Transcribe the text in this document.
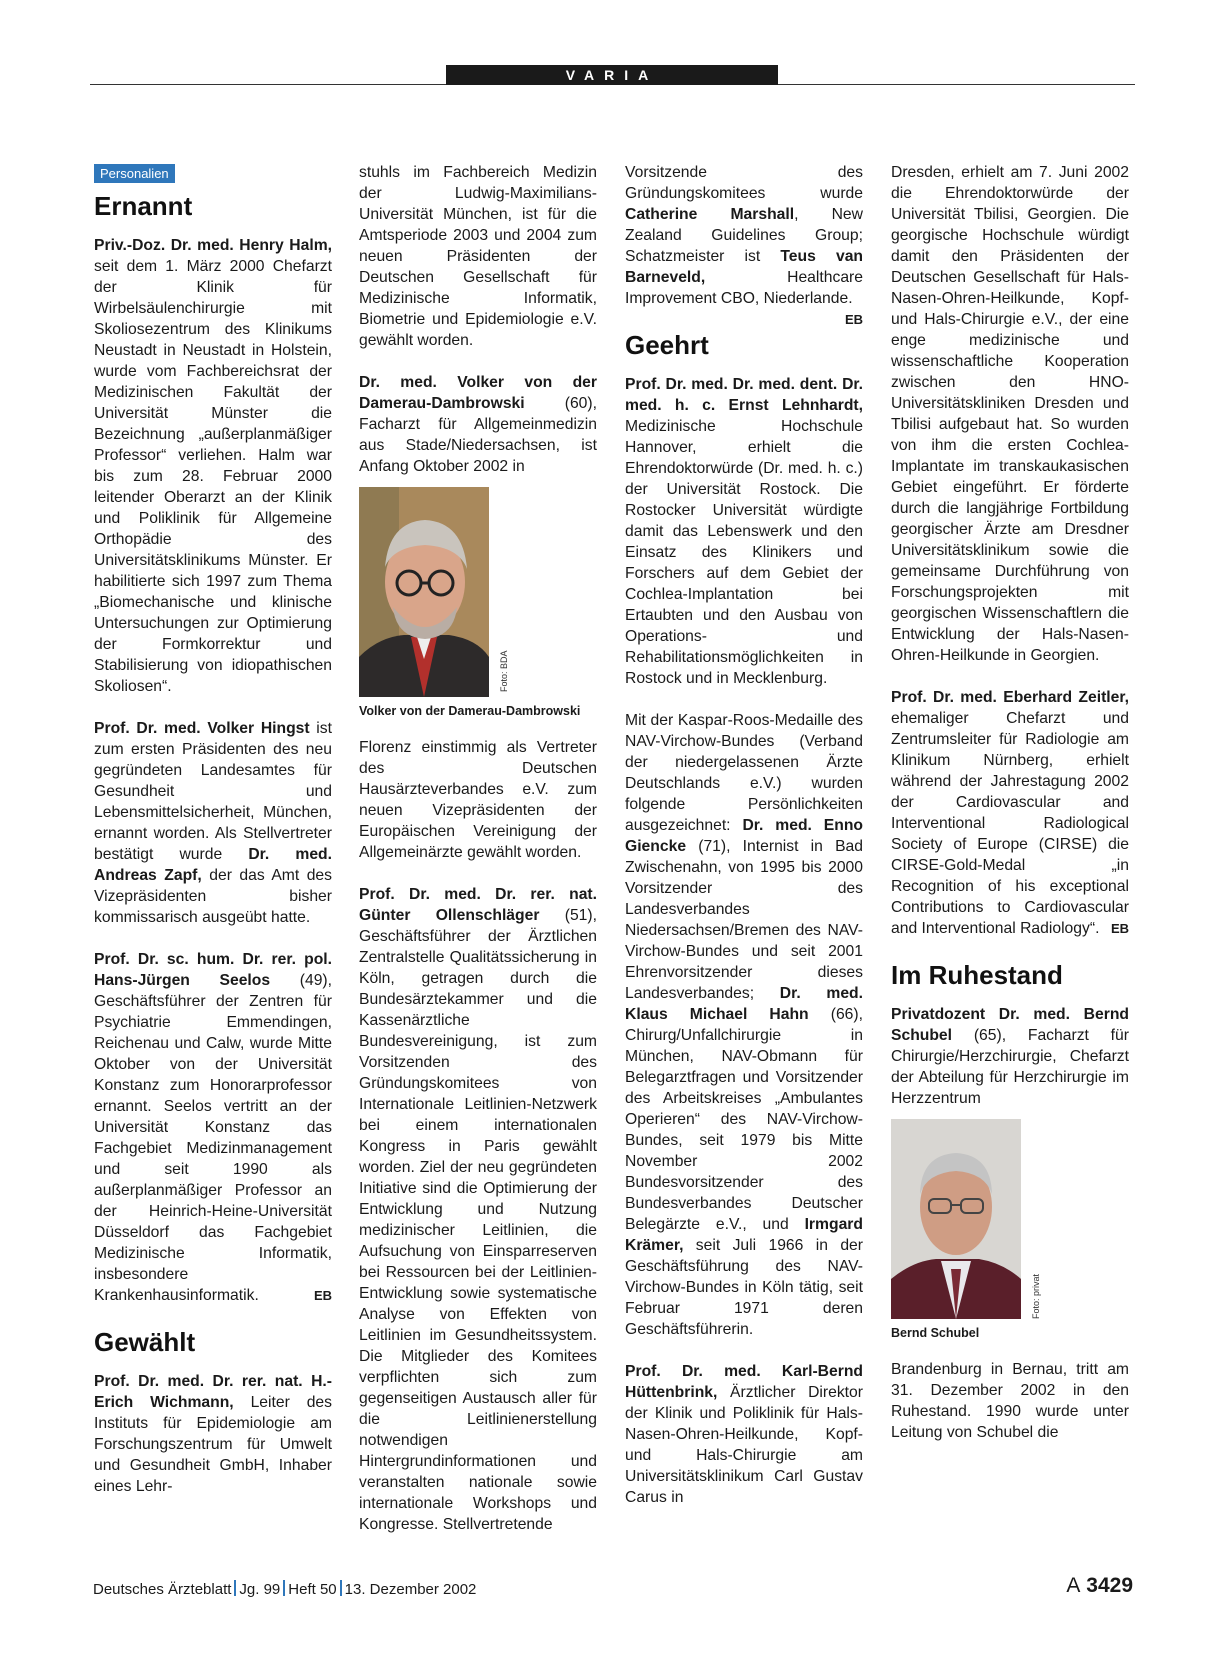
VARIA
Personalien
Ernannt

Priv.-Doz. Dr. med. Henry Halm, seit dem 1. März 2000 Chefarzt der Klinik für Wirbelsäulenchirurgie mit Skoliosezentrum des Klinikums Neustadt in Neustadt in Holstein, wurde vom Fachbereichsrat der Medizinischen Fakultät der Universität Münster die Bezeichnung „außerplanmäßiger Professor“ verliehen. Halm war bis zum 28. Februar 2000 leitender Oberarzt an der Klinik und Poliklinik für Allgemeine Orthopädie des Universitätsklinikums Münster. Er habilitierte sich 1997 zum Thema „Biomechanische und klinische Untersuchungen zur Optimierung der Formkorrektur und Stabilisierung von idiopathischen Skoliosen“.

Prof. Dr. med. Volker Hingst ist zum ersten Präsidenten des neu gegründeten Landesamtes für Gesundheit und Lebensmittelsicherheit, München, ernannt worden. Als Stellvertreter bestätigt wurde Dr. med. Andreas Zapf, der das Amt des Vizepräsidenten bisher kommissarisch ausgeübt hatte.

Prof. Dr. sc. hum. Dr. rer. pol. Hans-Jürgen Seelos (49), Geschäftsführer der Zentren für Psychiatrie Emmendingen, Reichenau und Calw, wurde Mitte Oktober von der Universität Konstanz zum Honorarprofessor ernannt. Seelos vertritt an der Universität Konstanz das Fachgebiet Medizinmanagement und seit 1990 als außerplanmäßiger Professor an der Heinrich-Heine-Universität Düsseldorf das Fachgebiet Medizinische Informatik, insbesondere Krankenhausinformatik.	EB

Gewählt

Prof. Dr. med. Dr. rer. nat. H.-Erich Wichmann, Leiter des Instituts für Epidemiologie am Forschungszentrum für Umwelt und Gesundheit GmbH, Inhaber eines Lehr-

stuhls im Fachbereich Medizin der Ludwig-Maximilians-Universität München, ist für die Amtsperiode 2003 und 2004 zum neuen Präsidenten der Deutschen Gesellschaft für Medizinische Informatik, Biometrie und Epidemiologie e.V. gewählt worden.

Dr. med. Volker von der Damerau-Dambrowski (60), Facharzt für Allgemeinmedizin aus Stade/Niedersachsen, ist Anfang Oktober 2002 in

Foto: BDA
Volker von der Damerau-Dambrowski

Florenz einstimmig als Vertreter des Deutschen Hausärzteverbandes e.V. zum neuen Vizepräsidenten der Europäischen Vereinigung der Allgemeinärzte gewählt worden.

Prof. Dr. med. Dr. rer. nat. Günter Ollenschläger (51), Geschäftsführer der Ärztlichen Zentralstelle Qualitätssicherung in Köln, getragen durch die Bundesärztekammer und die Kassenärztliche Bundesvereinigung, ist zum Vorsitzenden des Gründungskomitees von Internationale Leitlinien-Netzwerk bei einem internationalen Kongress in Paris gewählt worden. Ziel der neu gegründeten Initiative sind die Optimierung der Entwicklung und Nutzung medizinischer Leitlinien, die Aufsuchung von Einsparreserven bei Ressourcen bei der Leitlinien-Entwicklung sowie systematische Analyse von Effekten von Leitlinien im Gesundheitssystem. Die Mitglieder des Komitees verpflichten sich zum gegenseitigen Austausch aller für die Leitlinienerstellung notwendigen Hintergrundinformationen und veranstalten nationale sowie internationale Workshops und Kongresse. Stellvertretende

Vorsitzende des Gründungskomitees wurde Catherine Marshall, New Zealand Guidelines Group; Schatzmeister ist Teus van Barneveld, Healthcare Improvement CBO, Niederlande.
EB

Geehrt

Prof. Dr. med. Dr. med. dent. Dr. med. h. c. Ernst Lehnhardt, Medizinische Hochschule Hannover, erhielt die Ehrendoktorwürde (Dr. med. h. c.) der Universität Rostock. Die Rostocker Universität würdigte damit das Lebenswerk und den Einsatz des Klinikers und Forschers auf dem Gebiet der Cochlea-Implantation bei Ertaubten und den Ausbau von Operations- und Rehabilitationsmöglichkeiten in Rostock und in Mecklenburg.

Mit der Kaspar-Roos-Medaille des NAV-Virchow-Bundes (Verband der niedergelassenen Ärzte Deutschlands e.V.) wurden folgende Persönlichkeiten ausgezeichnet: Dr. med. Enno Giencke (71), Internist in Bad Zwischenahn, von 1995 bis 2000 Vorsitzender des Landesverbandes Niedersachsen/Bremen des NAV-Virchow-Bundes und seit 2001 Ehrenvorsitzender dieses Landesverbandes; Dr. med. Klaus Michael Hahn (66), Chirurg/Unfallchirurgie in München, NAV-Obmann für Belegarztfragen und Vorsitzender des Arbeitskreises „Ambulantes Operieren“ des NAV-Virchow-Bundes, seit 1979 bis Mitte November 2002 Bundesvorsitzender des Bundesverbandes Deutscher Belegärzte e.V., und Irmgard Krämer, seit Juli 1966 in der Geschäftsführung des NAV-Virchow-Bundes in Köln tätig, seit Februar 1971 deren Geschäftsführerin.

Prof. Dr. med. Karl-Bernd Hüttenbrink, Ärztlicher Direktor der Klinik und Poliklinik für Hals-Nasen-Ohren-Heilkunde, Kopf- und Hals-Chirurgie am Universitätsklinikum Carl Gustav Carus in

Dresden, erhielt am 7. Juni 2002 die Ehrendoktorwürde der Universität Tbilisi, Georgien. Die georgische Hochschule würdigt damit den Präsidenten der Deutschen Gesellschaft für Hals-Nasen-Ohren-Heilkunde, Kopf- und Hals-Chirurgie e.V., der eine enge medizinische und wissenschaftliche Kooperation zwischen den HNO-Universitätskliniken Dresden und Tbilisi aufgebaut hat. So wurden von ihm die ersten Cochlea-Implantate im transkaukasischen Gebiet eingeführt. Er förderte durch die langjährige Fortbildung georgischer Ärzte am Dresdner Universitätsklinikum sowie die gemeinsame Durchführung von Forschungsprojekten mit georgischen Wissenschaftlern die Entwicklung der Hals-Nasen-Ohren-Heilkunde in Georgien.

Prof. Dr. med. Eberhard Zeitler, ehemaliger Chefarzt und Zentrumsleiter für Radiologie am Klinikum Nürnberg, erhielt während der Jahrestagung 2002 der Cardiovascular and Interventional Radiological Society of Europe (CIRSE) die CIRSE-Gold-Medal „in Recognition of his exceptional Contributions to Cardiovascular and Interventional Radiology“. EB

Im Ruhestand

Privatdozent Dr. med. Bernd Schubel (65), Facharzt für Chirurgie/Herzchirurgie, Chefarzt der Abteilung für Herzchirurgie im Herzzentrum

Foto: privat
Bernd Schubel

Brandenburg in Bernau, tritt am 31. Dezember 2002 in den Ruhestand. 1990 wurde unter Leitung von Schubel die

Deutsches Ärzteblatt Jg. 99 Heft 50 13. Dezember 2002	A 3429
